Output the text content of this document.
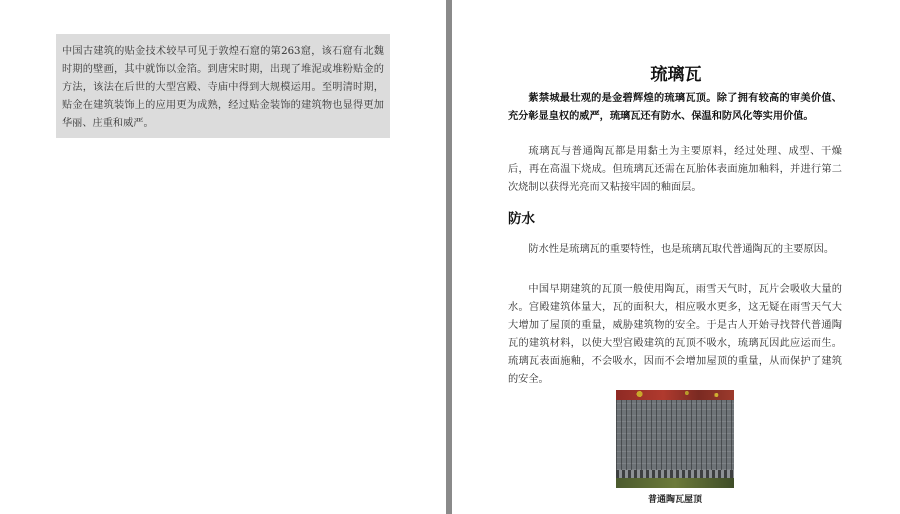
中国古建筑的贴金技术较早可见于敦煌石窟的第263窟，该石窟有北魏时期的壁画，其中就饰以金箔。到唐宋时期，出现了堆泥或堆粉贴金的方法，该法在后世的大型宫殿、寺庙中得到大规模运用。至明清时期，贴金在建筑装饰上的应用更为成熟，经过贴金装饰的建筑物也显得更加华丽、庄重和威严。
琉璃瓦

紫禁城最壮观的是金碧辉煌的琉璃瓦顶。除了拥有较高的审美价值、充分彰显皇权的威严，琉璃瓦还有防水、保温和防风化等实用价值。

琉璃瓦与普通陶瓦都是用黏土为主要原料，经过处理、成型、干燥后，再在高温下烧成。但琉璃瓦还需在瓦胎体表面施加釉料，并进行第二次烧制以获得光亮而又粘接牢固的釉面层。

防水

防水性是琉璃瓦的重要特性，也是琉璃瓦取代普通陶瓦的主要原因。

中国早期建筑的瓦顶一般使用陶瓦，雨雪天气时，瓦片会吸收大量的水。宫殿建筑体量大，瓦的面积大，相应吸水更多，这无疑在雨雪天气大大增加了屋顶的重量，威胁建筑物的安全。于是古人开始寻找替代普通陶瓦的建筑材料，以使大型宫殿建筑的瓦顶不吸水，琉璃瓦因此应运而生。琉璃瓦表面施釉，不会吸水，因而不会增加屋顶的重量，从而保护了建筑的安全。

普通陶瓦屋顶
